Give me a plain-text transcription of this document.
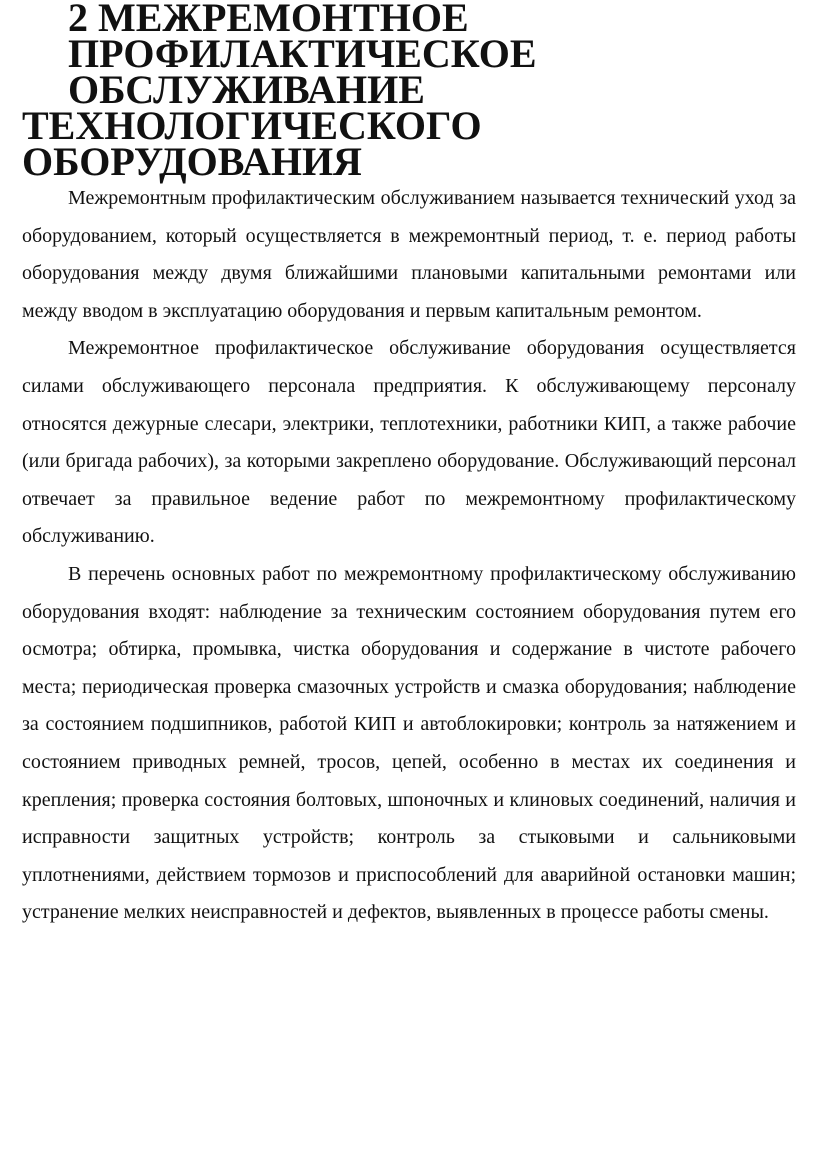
2 МЕЖРЕМОНТНОЕ ПРОФИЛАКТИЧЕСКОЕ ОБСЛУЖИВАНИЕ
ТЕХНОЛОГИЧЕСКОГО ОБОРУДОВАНИЯ

Межремонтным профилактическим обслуживанием называется технический уход за оборудованием, который осуществляется в межремонтный период, т. е. период работы оборудования между двумя ближайшими плановыми капитальными ремонтами или между вводом в эксплуатацию оборудования и первым капитальным ремонтом.

Межремонтное профилактическое обслуживание оборудования осуществляется силами обслуживающего персонала предприятия. К обслуживающему персоналу относятся дежурные слесари, электрики, теплотехники, работники КИП, а также рабочие (или бригада рабочих), за которыми закреплено оборудование. Обслуживающий персонал отвечает за правильное ведение работ по межремонтному профилактическому обслуживанию.

В перечень основных работ по межремонтному профилактическому обслуживанию оборудования входят: наблюдение за техническим состоянием оборудования путем его осмотра; обтирка, промывка, чистка оборудования и содержание в чистоте рабочего места; периодическая проверка смазочных устройств и смазка оборудования; наблюдение за состоянием подшипников, работой КИП и автоблокировки; контроль за натяжением и состоянием приводных ремней, тросов, цепей, особенно в местах их соединения и крепления; проверка состояния болтовых, шпоночных и клиновых соединений, наличия и исправности защитных устройств; контроль за стыковыми и сальниковыми уплотнениями, действием тормозов и приспособлений для аварийной остановки машин; устранение мелких неисправностей и дефектов, выявленных в процессе работы смены.
